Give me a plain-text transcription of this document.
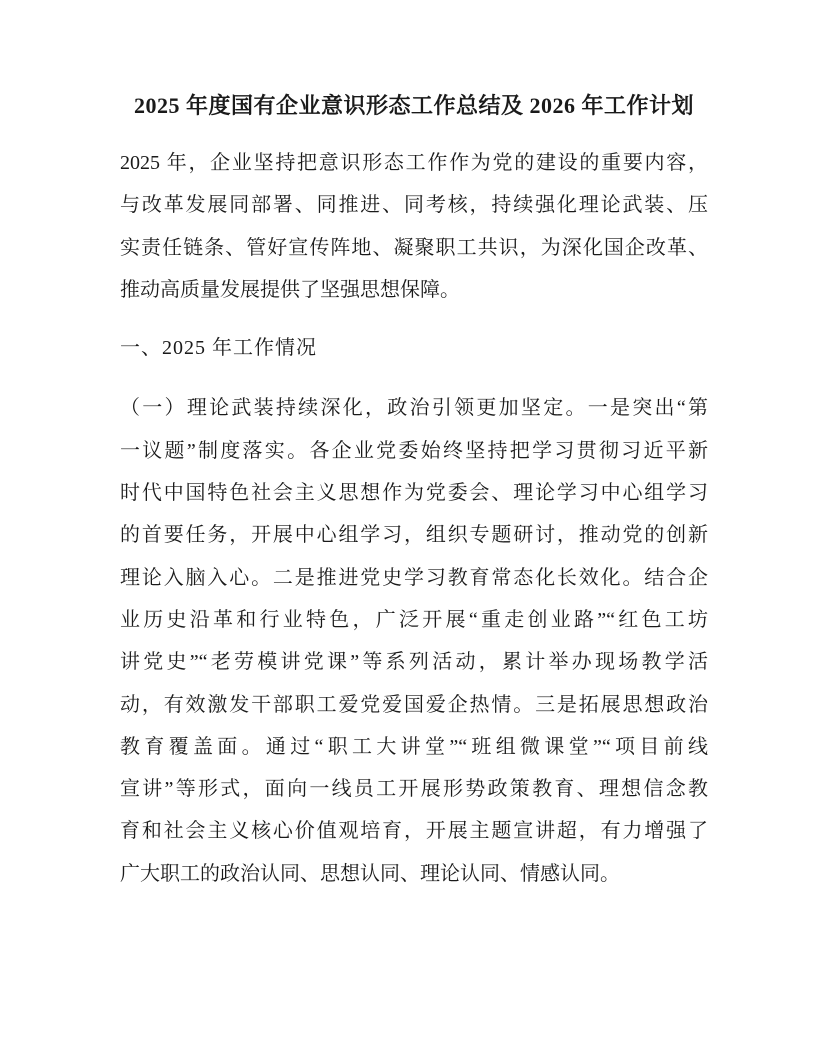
2025 年度国有企业意识形态工作总结及 2026 年工作计划
2025 年，企业坚持把意识形态工作作为党的建设的重要内容，
与改革发展同部署、同推进、同考核，持续强化理论武装、压
实责任链条、管好宣传阵地、凝聚职工共识，为深化国企改革、
推动高质量发展提供了坚强思想保障。
一、2025 年工作情况
（一）理论武装持续深化，政治引领更加坚定。一是突出“第
一议题”制度落实。各企业党委始终坚持把学习贯彻习近平新
时代中国特色社会主义思想作为党委会、理论学习中心组学习
的首要任务，开展中心组学习，组织专题研讨，推动党的创新
理论入脑入心。二是推进党史学习教育常态化长效化。结合企
业历史沿革和行业特色，广泛开展“重走创业路”“红色工坊
讲党史”“老劳模讲党课”等系列活动，累计举办现场教学活
动，有效激发干部职工爱党爱国爱企热情。三是拓展思想政治
教育覆盖面。通过“职工大讲堂”“班组微课堂”“项目前线
宣讲”等形式，面向一线员工开展形势政策教育、理想信念教
育和社会主义核心价值观培育，开展主题宣讲超，有力增强了
广大职工的政治认同、思想认同、理论认同、情感认同。
